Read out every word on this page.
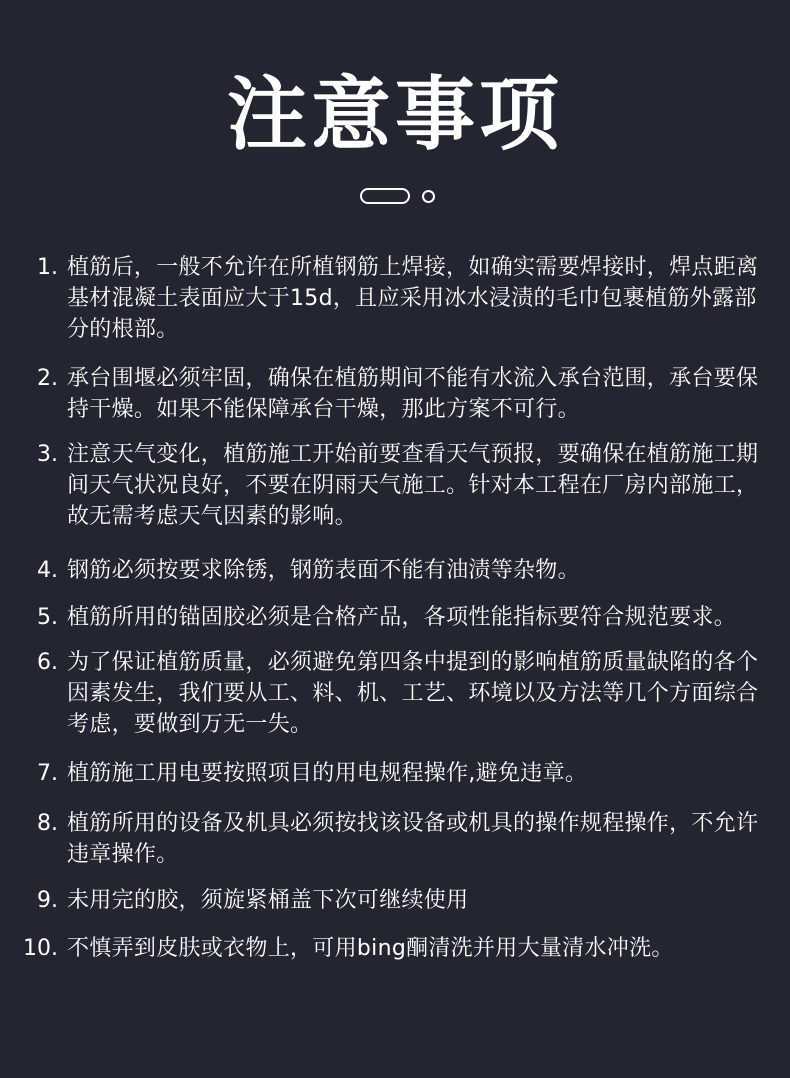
注意事项
1. 植筋后，一般不允许在所植钢筋上焊接，如确实需要焊接时，焊点距离基材混凝土表面应大于15d，且应采用冰水浸渍的毛巾包裹植筋外露部分的根部。
2. 承台围堰必须牢固，确保在植筋期间不能有水流入承台范围，承台要保持干燥。如果不能保障承台干燥，那此方案不可行。
3. 注意天气变化，植筋施工开始前要查看天气预报，要确保在植筋施工期间天气状况良好，不要在阴雨天气施工。针对本工程在厂房内部施工，故无需考虑天气因素的影响。
4. 钢筋必须按要求除锈，钢筋表面不能有油渍等杂物。
5. 植筋所用的锚固胶必须是合格产品，各项性能指标要符合规范要求。
6. 为了保证植筋质量，必须避免第四条中提到的影响植筋质量缺陷的各个因素发生，我们要从工、料、机、工艺、环境以及方法等几个方面综合考虑，要做到万无一失。
7. 植筋施工用电要按照项目的用电规程操作,避免违章。
8. 植筋所用的设备及机具必须按找该设备或机具的操作规程操作，不允许违章操作。
9. 未用完的胶，须旋紧桶盖下次可继续使用
10. 不慎弄到皮肤或衣物上，可用bing酮清洗并用大量清水冲洗。
